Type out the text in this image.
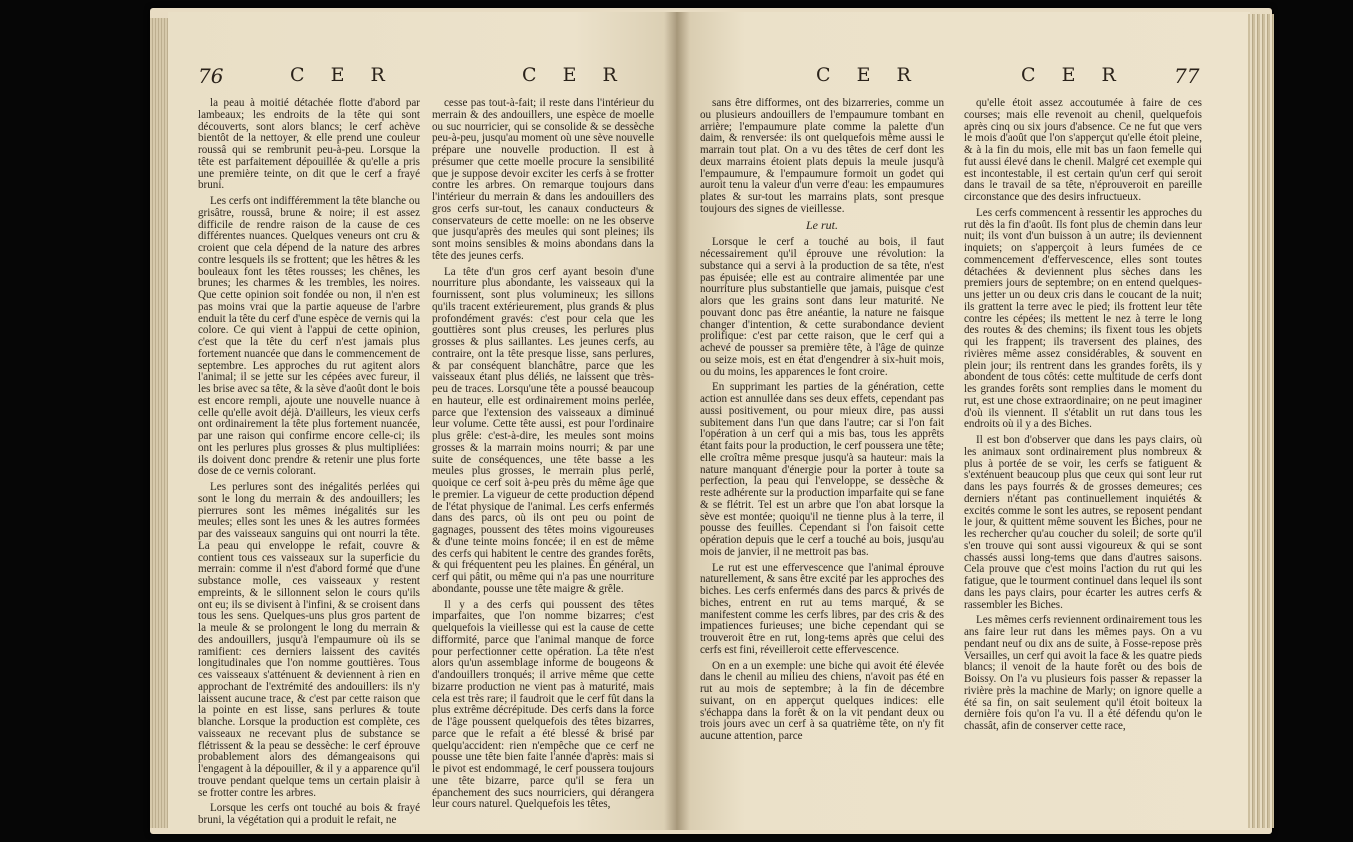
76	C E R	C E R

la peau à moitié détachée flotte d'abord par lambeaux; les endroits de la tête qui sont découverts, sont alors blancs; le cerf achève bientôt de la nettoyer, & elle prend une couleur roussâ qui se rembrunit peu-à-peu. Lorsque la tête est parfaitement dépouillée & qu'elle a pris une première teinte, on dit que le cerf a frayé bruni.

Les cerfs ont indifféremment la tête blanche ou grisâtre, roussâ, brune & noire; il est assez difficile de rendre raison de la cause de ces différentes nuances. Quelques veneurs ont cru & croient que cela dépend de la nature des arbres contre lesquels ils se frottent; que les hêtres & les bouleaux font les têtes rousses; les chênes, les brunes; les charmes & les trembles, les noires. Que cette opinion soit fondée ou non, il n'en est pas moins vrai que la partie aqueuse de l'arbre enduit la tête du cerf d'une espèce de vernis qui la colore. Ce qui vient à l'appui de cette opinion, c'est que la tête du cerf n'est jamais plus fortement nuancée que dans le commencement de septembre. Les approches du rut agitent alors l'animal; il se jette sur les cépées avec fureur, il les brise avec sa tête, & la sève d'août dont le bois est encore rempli, ajoute une nouvelle nuance à celle qu'elle avoit déjà. D'ailleurs, les vieux cerfs ont ordinairement la tête plus fortement nuancée, par une raison qui confirme encore celle-ci; ils ont les perlures plus grosses & plus multipliées: ils doivent donc prendre & retenir une plus forte dose de ce vernis colorant.

Les perlures sont des inégalités perlées qui sont le long du merrain & des andouillers; les pierrures sont les mêmes inégalités sur les meules; elles sont les unes & les autres formées par des vaisseaux sanguins qui ont nourri la tête. La peau qui enveloppe le refait, couvre & contient tous ces vaisseaux sur la superficie du merrain: comme il n'est d'abord formé que d'une substance molle, ces vaisseaux y restent empreints, & le sillonnent selon le cours qu'ils ont eu; ils se divisent à l'infini, & se croisent dans tous les sens. Quelques-uns plus gros partent de la meule & se prolongent le long du merrain & des andouillers, jusqu'à l'empaumure où ils se ramifient: ces derniers laissent des cavités longitudinales que l'on nomme gouttières. Tous ces vaisseaux s'atténuent & deviennent à rien en approchant de l'extrémité des andouillers: ils n'y laissent aucune trace, & c'est par cette raison que la pointe en est lisse, sans perlures & toute blanche. Lorsque la production est complète, ces vaisseaux ne recevant plus de substance se flétrissent & la peau se dessèche: le cerf éprouve probablement alors des démangeaisons qui l'engagent à la dépouiller, & il y a apparence qu'il trouve pendant quelque tems un certain plaisir à se frotter contre les arbres.

Lorsque les cerfs ont touché au bois & frayé bruni, la végétation qui a produit le refait, ne

cesse pas tout-à-fait; il reste dans l'intérieur du merrain & des andouillers, une espèce de moelle ou suc nourricier, qui se consolide & se dessèche peu-à-peu, jusqu'au moment où une sève nouvelle prépare une nouvelle production. Il est à présumer que cette moelle procure la sensibilité que je suppose devoir exciter les cerfs à se frotter contre les arbres. On remarque toujours dans l'intérieur du merrain & dans les andouillers des gros cerfs sur-tout, les canaux conducteurs & conservateurs de cette moelle: on ne les observe que jusqu'après des meules qui sont pleines; ils sont moins sensibles & moins abondans dans la tête des jeunes cerfs.

La tête d'un gros cerf ayant besoin d'une nourriture plus abondante, les vaisseaux qui la fournissent, sont plus volumineux; les sillons qu'ils tracent extérieurement, plus grands & plus profondément gravés: c'est pour cela que les gouttières sont plus creuses, les perlures plus grosses & plus saillantes. Les jeunes cerfs, au contraire, ont la tête presque lisse, sans perlures, & par conséquent blanchâtre, parce que les vaisseaux étant plus déliés, ne laissent que très-peu de traces. Lorsqu'une tête a poussé beaucoup en hauteur, elle est ordinairement moins perlée, parce que l'extension des vaisseaux a diminué leur volume. Cette tête aussi, est pour l'ordinaire plus grêle: c'est-à-dire, les meules sont moins grosses & la marrain moins nourri; & par une suite de conséquences, une tête basse a les meules plus grosses, le merrain plus perlé, quoique ce cerf soit à-peu près du même âge que le premier. La vigueur de cette production dépend de l'état physique de l'animal. Les cerfs enfermés dans des parcs, où ils ont peu ou point de gagnages, poussent des têtes moins vigoureuses & d'une teinte moins foncée; il en est de même des cerfs qui habitent le centre des grandes forêts, & qui fréquentent peu les plaines. En général, un cerf qui pâtit, ou même qui n'a pas une nourriture abondante, pousse une tête maigre & grêle.

Il y a des cerfs qui poussent des têtes imparfaites, que l'on nomme bizarres; c'est quelquefois la vieillesse qui est la cause de cette difformité, parce que l'animal manque de force pour perfectionner cette opération. La tête n'est alors qu'un assemblage informe de bougeons & d'andouillers tronqués; il arrive même que cette bizarre production ne vient pas à maturité, mais cela est très rare; il faudroit que le cerf fût dans la plus extrême décrépitude. Des cerfs dans la force de l'âge poussent quelquefois des têtes bizarres, parce que le refait a été blessé & brisé par quelqu'accident: rien n'empêche que ce cerf ne pousse une tête bien faite l'année d'après: mais si le pivot est endommagé, le cerf poussera toujours une tête bizarre, parce qu'il se fera un épanchement des sucs nourriciers, qui dérangera leur cours naturel. Quelquefois les têtes,

C E R	C E R 77

sans être difformes, ont des bizarreries, comme un ou plusieurs andouillers de l'empaumure tombant en arrière; l'empaumure plate comme la palette d'un daim, & renversée: ils ont quelquefois même aussi le marrain tout plat. On a vu des têtes de cerf dont les deux marrains étoient plats depuis la meule jusqu'à l'empaumure, & l'empaumure formoit un godet qui auroit tenu la valeur d'un verre d'eau: les empaumures plates & sur-tout les marrains plats, sont presque toujours des signes de vieillesse.

Le rut.

Lorsque le cerf a touché au bois, il faut nécessairement qu'il éprouve une révolution: la substance qui a servi à la production de sa tête, n'est pas épuisée; elle est au contraire alimentée par une nourriture plus substantielle que jamais, puisque c'est alors que les grains sont dans leur maturité. Ne pouvant donc pas être anéantie, la nature ne faisque changer d'intention, & cette surabondance devient prolifique: c'est par cette raison, que le cerf qui a achevé de pousser sa première tête, à l'âge de quinze ou seize mois, est en état d'engendrer à six-huit mois, ou du moins, les apparences le font croire.

En supprimant les parties de la génération, cette action est annullée dans ses deux effets, cependant pas aussi positivement, ou pour mieux dire, pas aussi subitement dans l'un que dans l'autre; car si l'on fait l'opération à un cerf qui a mis bas, tous les apprêts étant faits pour la production, le cerf poussera une tête; elle croîtra même presque jusqu'à sa hauteur: mais la nature manquant d'énergie pour la porter à toute sa perfection, la peau qui l'enveloppe, se dessèche & reste adhérente sur la production imparfaite qui se fane & se flétrit. Tel est un arbre que l'on abat lorsque la sève est montée; quoiqu'il ne tienne plus à la terre, il pousse des feuilles. Cependant si l'on faisoit cette opération depuis que le cerf a touché au bois, jusqu'au mois de janvier, il ne mettroit pas bas.

Le rut est une effervescence que l'animal éprouve naturellement, & sans être excité par les approches des biches. Les cerfs enfermés dans des parcs & privés de biches, entrent en rut au tems marqué, & se manifestent comme les cerfs libres, par des cris & des impatiences furieuses; une biche cependant qui se trouveroit être en rut, long-tems après que celui des cerfs est fini, réveilleroit cette effervescence.

On en a un exemple: une biche qui avoit été élevée dans le chenil au milieu des chiens, n'avoit pas été en rut au mois de septembre; à la fin de décembre suivant, on en apperçut quelques indices: elle s'échappa dans la forêt & on la vit pendant deux ou trois jours avec un cerf à sa quatrième tête, on n'y fit aucune attention, parce

qu'elle étoit assez accoutumée à faire de ces courses; mais elle revenoit au chenil, quelquefois après cinq ou six jours d'absence. Ce ne fut que vers le mois d'août que l'on s'apperçut qu'elle étoit pleine, & à la fin du mois, elle mit bas un faon femelle qui fut aussi élevé dans le chenil. Malgré cet exemple qui est incontestable, il est certain qu'un cerf qui seroit dans le travail de sa tête, n'éprouveroit en pareille circonstance que des desirs infructueux.

Les cerfs commencent à ressentir les approches du rut dès la fin d'août. Ils font plus de chemin dans leur nuit; ils vont d'un buisson à un autre; ils deviennent inquiets; on s'apperçoit à leurs fumées de ce commencement d'effervescence, elles sont toutes détachées & deviennent plus sèches dans les premiers jours de septembre; on en entend quelques-uns jetter un ou deux cris dans le coucant de la nuit; ils grattent la terre avec le pied; ils frottent leur tête contre les cépées; ils mettent le nez à terre le long des routes & des chemins; ils fixent tous les objets qui les frappent; ils traversent des plaines, des rivières même assez considérables, & souvent en plein jour; ils rentrent dans les grandes forêts, ils y abondent de tous côtés: cette multitude de cerfs dont les grandes forêts sont remplies dans le moment du rut, est une chose extraordinaire; on ne peut imaginer d'où ils viennent. Il s'établit un rut dans tous les endroits où il y a des Biches.

Il est bon d'observer que dans les pays clairs, où les animaux sont ordinairement plus nombreux & plus à portée de se voir, les cerfs se fatiguent & s'exténuent beaucoup plus que ceux qui sont leur rut dans les pays fourrés & de grosses demeures; ces derniers n'étant pas continuellement inquiétés & excités comme le sont les autres, se reposent pendant le jour, & quittent même souvent les Biches, pour ne les rechercher qu'au coucher du soleil; de sorte qu'il s'en trouve qui sont aussi vigoureux & qui se sont chassés aussi long-tems que dans d'autres saisons. Cela prouve que c'est moins l'action du rut qui les fatigue, que le tourment continuel dans lequel ils sont dans les pays clairs, pour écarter les autres cerfs & rassembler les Biches.

Les mêmes cerfs reviennent ordinairement tous les ans faire leur rut dans les mêmes pays. On a vu pendant neuf ou dix ans de suite, à Fosse-repose près Versailles, un cerf qui avoit la face & les quatre pieds blancs; il venoit de la haute forêt ou des bois de Boissy. On l'a vu plusieurs fois passer & repasser la rivière près la machine de Marly; on ignore quelle a été sa fin, on sait seulement qu'il étoit boiteux la dernière fois qu'on l'a vu. Il a été défendu qu'on le chassât, afin de conserver cette race,
